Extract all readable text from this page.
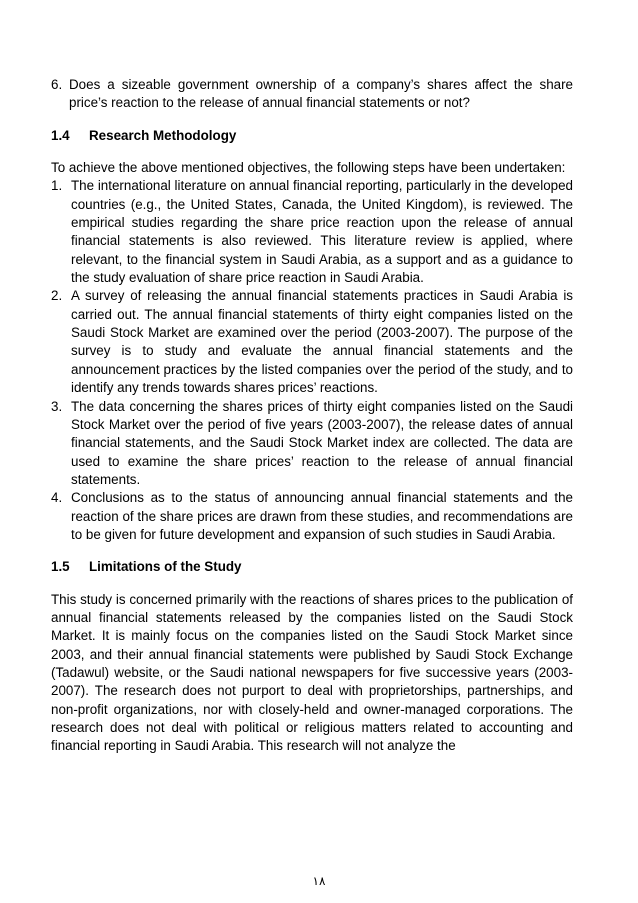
6. Does a sizeable government ownership of a company’s shares affect the share price’s reaction to the release of annual financial statements or not?
1.4	Research Methodology

To achieve the above mentioned objectives, the following steps have been undertaken:

1. The international literature on annual financial reporting, particularly in the developed countries (e.g., the United States, Canada, the United Kingdom), is reviewed. The empirical studies regarding the share price reaction upon the release of annual financial statements is also reviewed. This literature review is applied, where relevant, to the financial system in Saudi Arabia, as a support and as a guidance to the study evaluation of share price reaction in Saudi Arabia.
2. A survey of releasing the annual financial statements practices in Saudi Arabia is carried out. The annual financial statements of thirty eight companies listed on the Saudi Stock Market are examined over the period (2003-2007). The purpose of the survey is to study and evaluate the annual financial statements and the announcement practices by the listed companies over the period of the study, and to identify any trends towards shares prices’ reactions.
3. The data concerning the shares prices of thirty eight companies listed on the Saudi Stock Market over the period of five years (2003-2007), the release dates of annual financial statements, and the Saudi Stock Market index are collected. The data are used to examine the share prices’ reaction to the release of annual financial statements.
4. Conclusions as to the status of announcing annual financial statements and the reaction of the share prices are drawn from these studies, and recommendations are to be given for future development and expansion of such studies in Saudi Arabia.
1.5	Limitations of the Study

This study is concerned primarily with the reactions of shares prices to the publication of annual financial statements released by the companies listed on the Saudi Stock Market. It is mainly focus on the companies listed on the Saudi Stock Market since 2003, and their annual financial statements were published by Saudi Stock Exchange (Tadawul) website, or the Saudi national newspapers for five successive years (2003-2007). The research does not purport to deal with proprietorships, partnerships, and non-profit organizations, nor with closely-held and owner-managed corporations. The research does not deal with political or religious matters related to accounting and financial reporting in Saudi Arabia. This research will not analyze the

١٨
